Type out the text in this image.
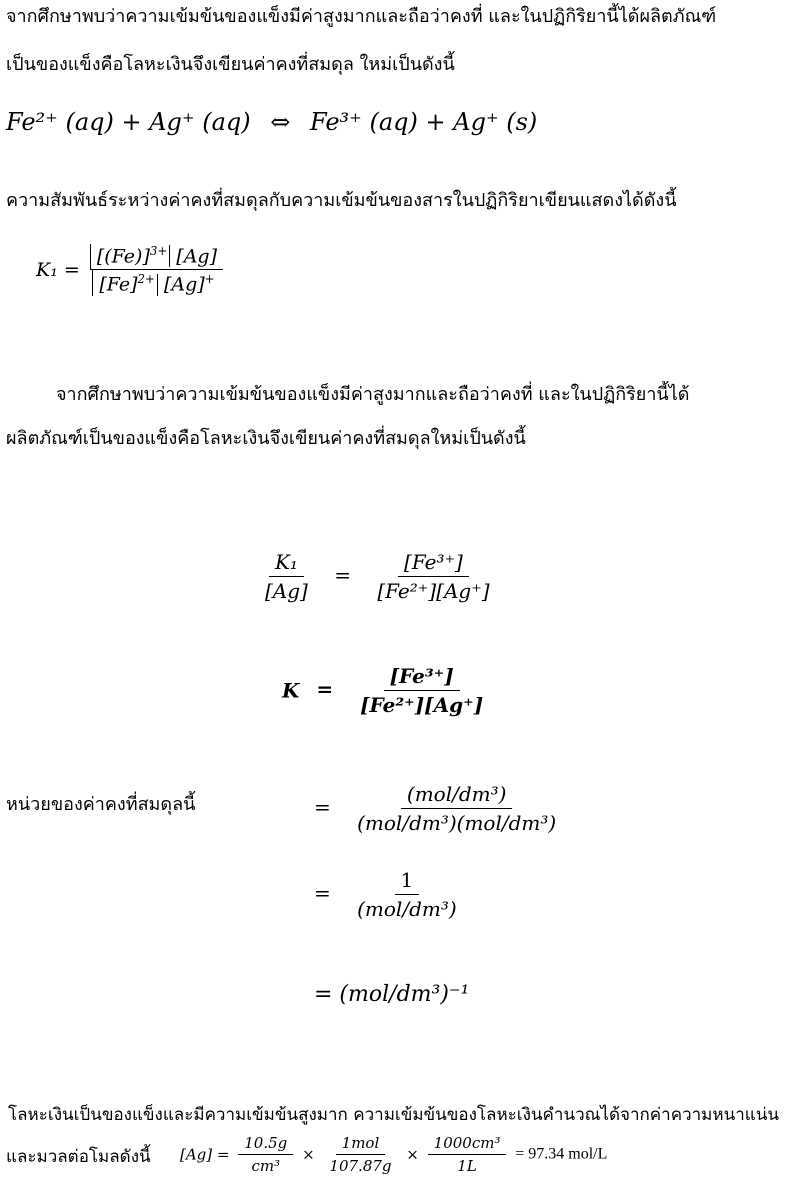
จากศึกษาพบว่าความเข้มข้นของแข็งมีค่าสูงมากและถือว่าคงที่ และในปฏิกิริยานี้ได้ผลิตภัณฑ์
เป็นของแข็งคือโลหะเงินจึงเขียนค่าคงที่สมดุล ใหม่เป็นดังนี้
Fe²⁺ (aq) + Ag⁺ (aq) ⇔ Fe³⁺ (aq) + Ag⁺ (s)
ความสัมพันธ์ระหว่างค่าคงที่สมดุลกับความเข้มข้นของสารในปฏิกิริยาเขียนแสดงได้ดังนี้
$K_1 = \frac{[(Fe)]^{3+} [Ag]}{[Fe]^{2+} [Ag]^+}$
จากศึกษาพบว่าความเข้มข้นของแข็งมีค่าสูงมากและถือว่าคงที่ และในปฏิกิริยานี้ได้
ผลิตภัณฑ์เป็นของแข็งคือโลหะเงินจึงเขียนค่าคงที่สมดุลใหม่เป็นดังนี้
$\frac{\text{K₁}}{[Ag]} = \frac{\text{[Fe³⁺]}}{\text{[Fe²⁺][Ag⁺]}}$
$K = \frac{\text{[Fe³⁺]}}{\text{[Fe²⁺][Ag⁺]}}$
หน่วยของค่าคงที่สมดุลนี้	= $\frac{\text{(mol/dm³)}}{\text{(mol/dm³)(mol/dm³)}}$
= $\frac{1}{\text{(mol/dm³)}}$
= (mol/dm³)⁻¹
โลหะเงินเป็นของแข็งและมีความเข้มข้นสูงมาก ความเข้มข้นของโลหะเงินคำนวณได้จากค่าความหนาแน่น
และมวลต่อโมลดังนี้ $[Ag] = \frac{10.5g}{\text{cm³}} \times \frac{\text{1mol}}{107.87g} \times \frac{\text{1000cm³}}{1L} = 97.34$ mol/L
